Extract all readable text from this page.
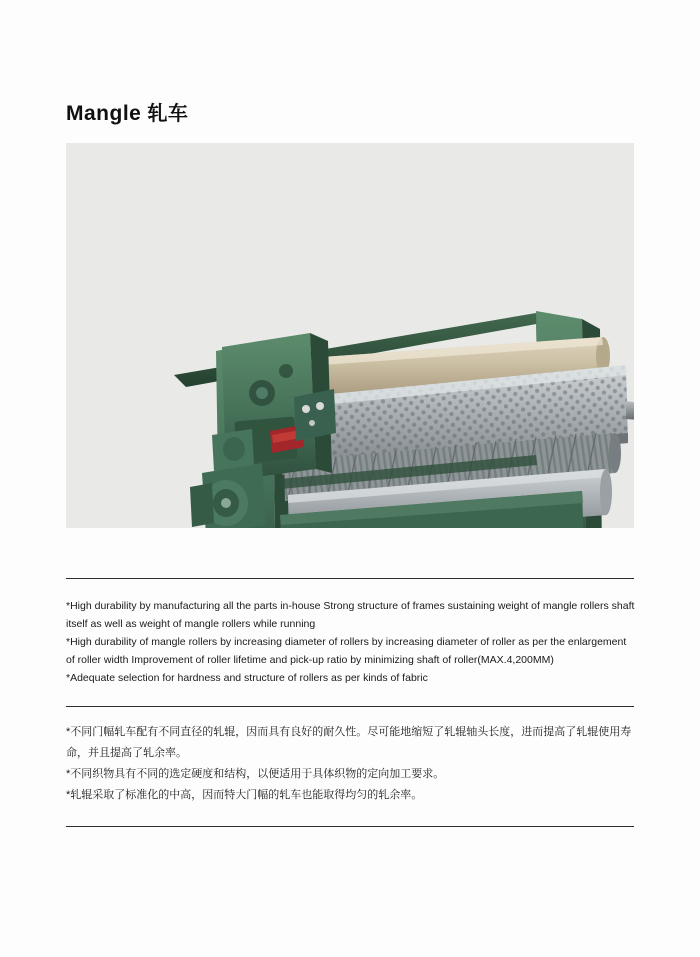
Mangle 轧车

*High durability by manufacturing all the parts in-house Strong structure of frames sustaining weight of mangle rollers shaft itself as well as weight of mangle rollers while running

*High durability of mangle rollers by increasing diameter of rollers by increasing diameter of roller as per the enlargement of roller width Improvement of roller lifetime and pick-up ratio by minimizing shaft of roller(MAX.4,200MM)

*Adequate selection for hardness and structure of rollers as per kinds of fabric

*不同门幅轧车配有不同直径的轧辊，因而具有良好的耐久性。尽可能地缩短了轧辊轴头长度，进而提高了轧辊使用寿命，并且提高了轧余率。

*不同织物具有不同的选定硬度和结构，以便适用于具体织物的定向加工要求。

*轧辊采取了标准化的中高，因而特大门幅的轧车也能取得均匀的轧余率。
